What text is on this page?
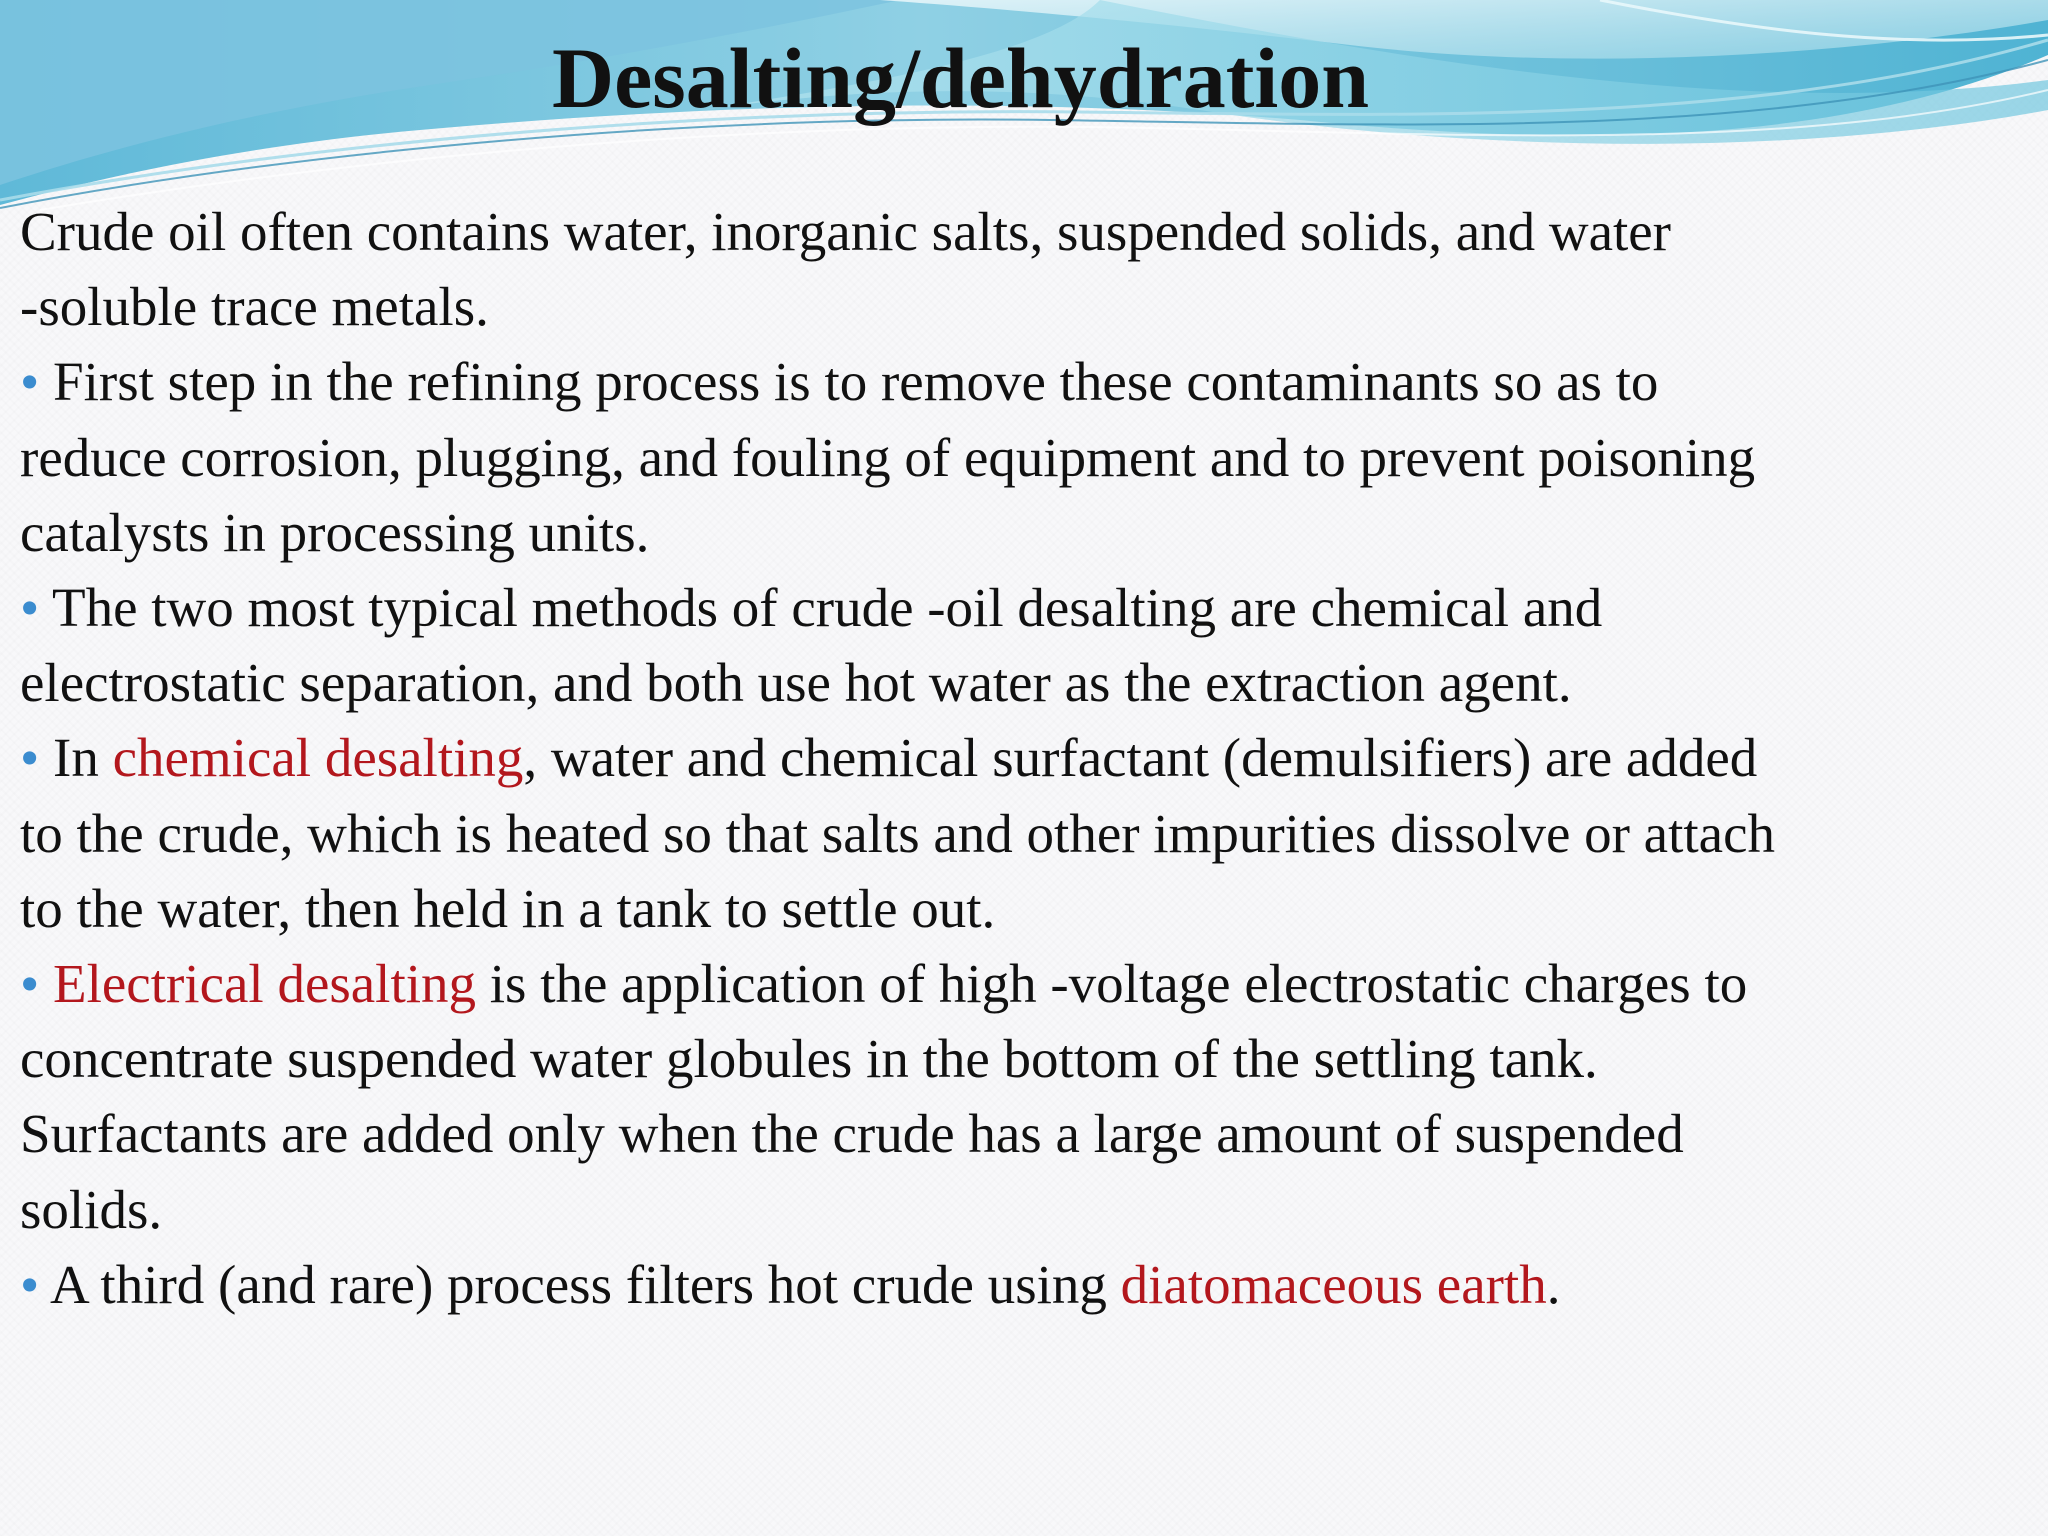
Desalting/dehydration

Crude oil often contains water, inorganic salts, suspended solids, and water

-soluble trace metals.

• First step in the refining process is to remove these contaminants so as to

reduce corrosion, plugging, and fouling of equipment and to prevent poisoning

catalysts in processing units.

• The two most typical methods of crude -oil desalting are chemical and

electrostatic separation, and both use hot water as the extraction agent.

• In chemical desalting, water and chemical surfactant (demulsifiers) are added

to the crude, which is heated so that salts and other impurities dissolve or attach

to the water, then held in a tank to settle out.

• Electrical desalting is the application of high -voltage electrostatic charges to

concentrate suspended water globules in the bottom of the settling tank.

Surfactants are added only when the crude has a large amount of suspended

solids.

• A third (and rare) process filters hot crude using diatomaceous earth.
